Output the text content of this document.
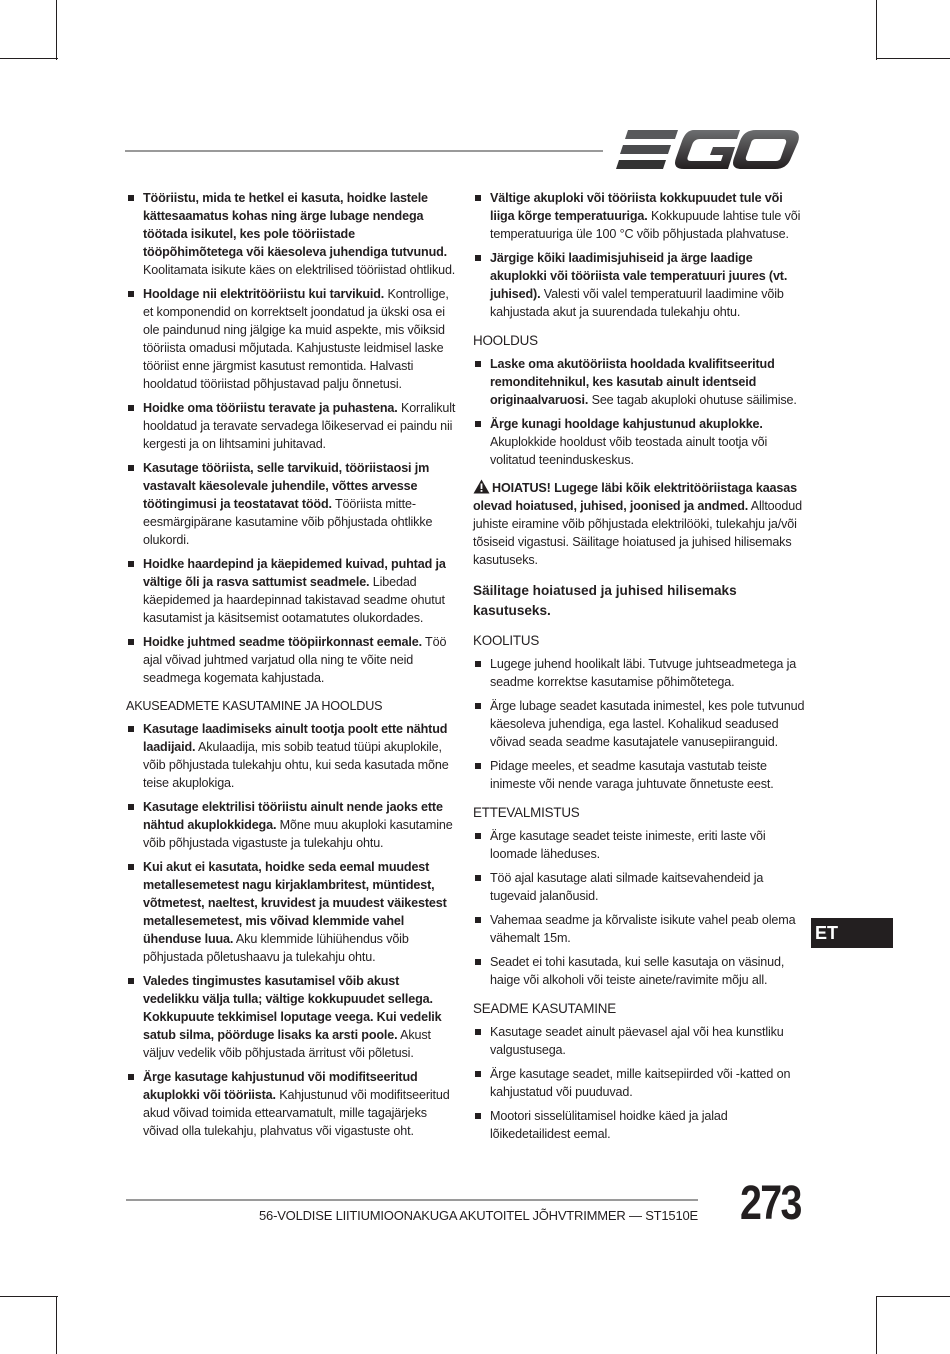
Tööriistu, mida te hetkel ei kasuta, hoidke lastele kättesaamatus kohas ning ärge lubage nendega töötada isikutel, kes pole tööriistade tööpõhimõtetega või käesoleva juhendiga tutvunud. Koolitamata isikute käes on elektrilised tööriistad ohtlikud.
Hooldage nii elektritööriistu kui tarvikuid. Kontrollige, et komponendid on korrektselt joondatud ja ükski osa ei ole paindunud ning jälgige ka muid aspekte, mis võiksid tööriista omadusi mõjutada. Kahjustuste leidmisel laske tööriist enne järgmist kasutust remontida. Halvasti hooldatud tööriistad põhjustavad palju õnnetusi.
Hoidke oma tööriistu teravate ja puhastena. Korralikult hooldatud ja teravate servadega lõikeservad ei paindu nii kergesti ja on lihtsamini juhitavad.
Kasutage tööriista, selle tarvikuid, tööriistaosi jm vastavalt käesolevale juhendile, võttes arvesse töötingimusi ja teostatavat tööd. Tööriista mitte-eesmärgipärane kasutamine võib põhjustada ohtlikke olukordi.
Hoidke haardepind ja käepidemed kuivad, puhtad ja vältige õli ja rasva sattumist seadmele. Libedad käepidemed ja haardepinnad takistavad seadme ohutut kasutamist ja käsitsemist ootamatutes olukordades.
Hoidke juhtmed seadme tööpiirkonnast eemale. Töö ajal võivad juhtmed varjatud olla ning te võite neid seadmega kogemata kahjustada.
AKUSEADMETE KASUTAMINE JA HOOLDUS
Kasutage laadimiseks ainult tootja poolt ette nähtud laadijaid. Akulaadija, mis sobib teatud tüüpi akuplokile, võib põhjustada tulekahju ohtu, kui seda kasutada mõne teise akuplokiga.
Kasutage elektrilisi tööriistu ainult nende jaoks ette nähtud akuplokkidega. Mõne muu akuploki kasutamine võib põhjustada vigastuste ja tulekahju ohtu.
Kui akut ei kasutata, hoidke seda eemal muudest metallesemetest nagu kirjaklambritest, müntidest, võtmetest, naeltest, kruvidest ja muudest väikestest metallesemetest, mis võivad klemmide vahel ühenduse luua. Aku klemmide lühiühendus võib põhjustada põletushaavu ja tulekahju ohtu.
Valedes tingimustes kasutamisel võib akust vedelikku välja tulla; vältige kokkupuudet sellega. Kokkupuute tekkimisel loputage veega. Kui vedelik satub silma, pöörduge lisaks ka arsti poole. Akust väljuv vedelik võib põhjustada ärritust või põletusi.
Ärge kasutage kahjustunud või modifitseeritud akuplokki või tööriista. Kahjustunud või modifitseeritud akud võivad toimida ettearvamatult, mille tagajärjeks võivad olla tulekahju, plahvatus või vigastuste oht.
Vältige akuploki või tööriista kokkupuudet tule või liiga kõrge temperatuuriga. Kokkupuude lahtise tule või temperatuuriga üle 100 °C võib põhjustada plahvatuse.
Järgige kõiki laadimisjuhiseid ja ärge laadige akuplokki või tööriista vale temperatuuri juures (vt. juhised). Valesti või valel temperatuuril laadimine võib kahjustada akut ja suurendada tulekahju ohtu.
HOOLDUS
Laske oma akutööriista hooldada kvalifitseeritud remonditehnikul, kes kasutab ainult identseid originaalvaruosi. See tagab akuploki ohutuse säilimise.
Ärge kunagi hooldage kahjustunud akuplokke. Akuplokkide hooldust võib teostada ainult tootja või volitatud teeninduskeskus.
HOIATUS! Lugege läbi kõik elektritööriistaga kaasas olevad hoiatused, juhised, joonised ja andmed. Alltoodud juhiste eiramine võib põhjustada elektrilööki, tulekahju ja/või tõsiseid vigastusi. Säilitage hoiatused ja juhised hilisemaks kasutuseks.
Säilitage hoiatused ja juhised hilisemaks kasutuseks.
KOOLITUS
Lugege juhend hoolikalt läbi. Tutvuge juhtseadmetega ja seadme korrektse kasutamise põhimõtetega.
Ärge lubage seadet kasutada inimestel, kes pole tutvunud käesoleva juhendiga, ega lastel. Kohalikud seadused võivad seada seadme kasutajatele vanusepiiranguid.
Pidage meeles, et seadme kasutaja vastutab teiste inimeste või nende varaga juhtuvate õnnetuste eest.
ETTEVALMISTUS
Ärge kasutage seadet teiste inimeste, eriti laste või loomade läheduses.
Töö ajal kasutage alati silmade kaitsevahendeid ja tugevaid jalanõusid.
Vahemaa seadme ja kõrvaliste isikute vahel peab olema vähemalt 15m.
Seadet ei tohi kasutada, kui selle kasutaja on väsinud, haige või alkoholi või teiste ainete/ravimite mõju all.
SEADME KASUTAMINE
Kasutage seadet ainult päevasel ajal või hea kunstliku valgustusega.
Ärge kasutage seadet, mille kaitsepiirded või -katted on kahjustatud või puuduvad.
Mootori sisselülitamisel hoidke käed ja jalad lõikedetailidest eemal.
ET
56-VOLDISE LIITIUMIOONAKUGA AKUTOITEL JÕHVTRIMMER — ST1510E 273
